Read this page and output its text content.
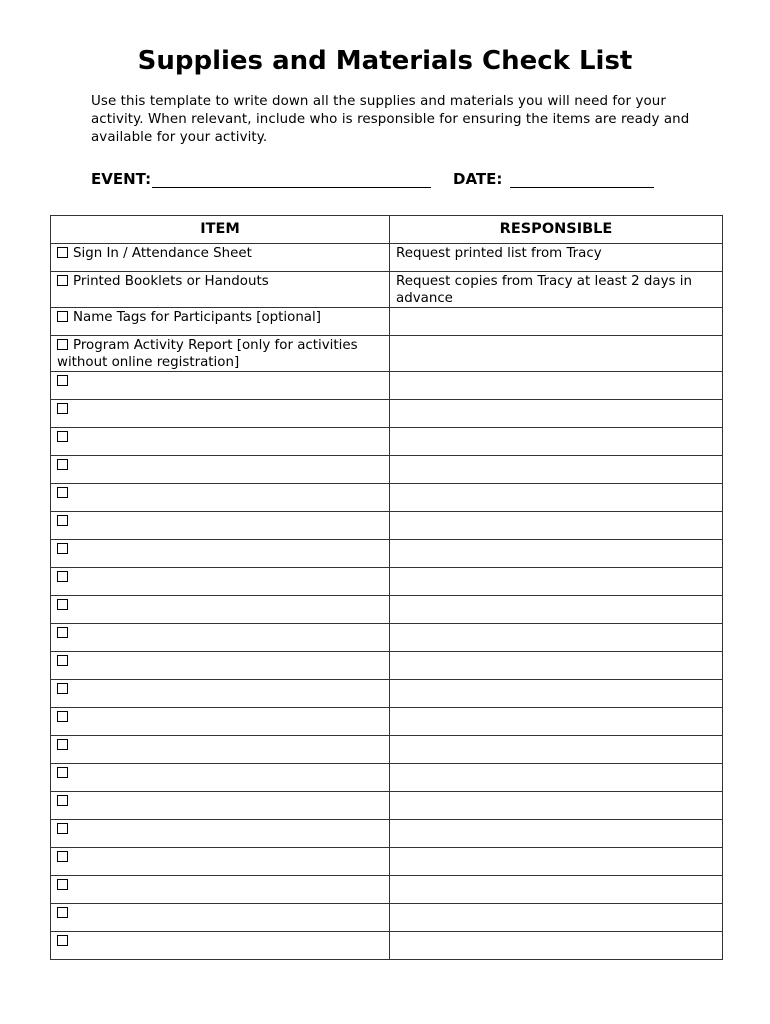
Supplies and Materials Check List
Use this template to write down all the supplies and materials you will need for your activity. When relevant, include who is responsible for ensuring the items are ready and available for your activity.
EVENT:	DATE:
ITEM	RESPONSIBLE
Sign In / Attendance Sheet	Request printed list from Tracy
Printed Booklets or Handouts	Request copies from Tracy at least 2 days in advance
Name Tags for Participants [optional]	
Program Activity Report [only for activities without online registration]	
